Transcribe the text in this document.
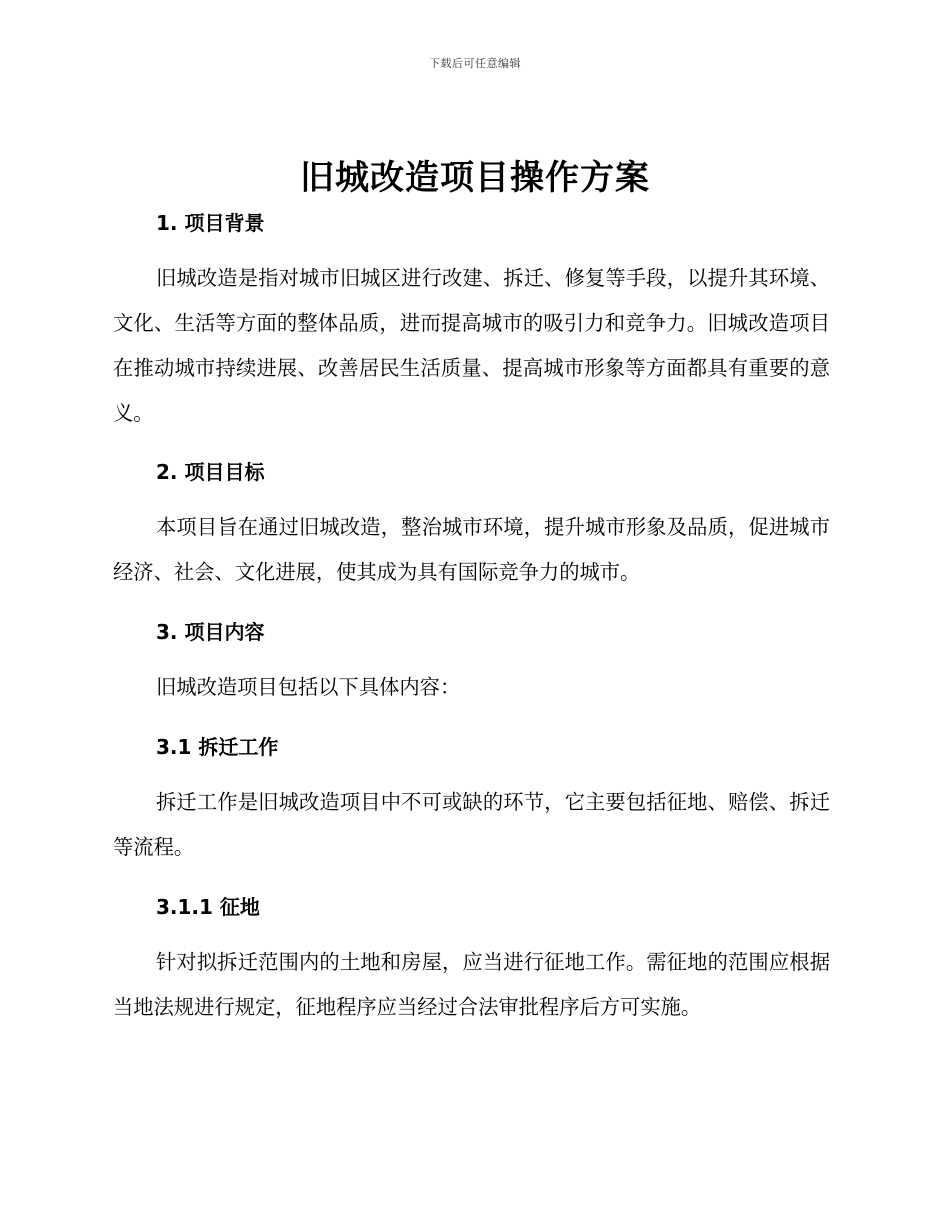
下载后可任意编辑
旧城改造项目操作方案
1. 项目背景

旧城改造是指对城市旧城区进行改建、拆迁、修复等手段，以提升其环境、文化、生活等方面的整体品质，进而提高城市的吸引力和竞争力。旧城改造项目在推动城市持续进展、改善居民生活质量、提高城市形象等方面都具有重要的意义。

2. 项目目标

本项目旨在通过旧城改造，整治城市环境，提升城市形象及品质，促进城市经济、社会、文化进展，使其成为具有国际竞争力的城市。

3. 项目内容

旧城改造项目包括以下具体内容：

3.1 拆迁工作

拆迁工作是旧城改造项目中不可或缺的环节，它主要包括征地、赔偿、拆迁等流程。

3.1.1 征地

针对拟拆迁范围内的土地和房屋，应当进行征地工作。需征地的范围应根据当地法规进行规定，征地程序应当经过合法审批程序后方可实施。
